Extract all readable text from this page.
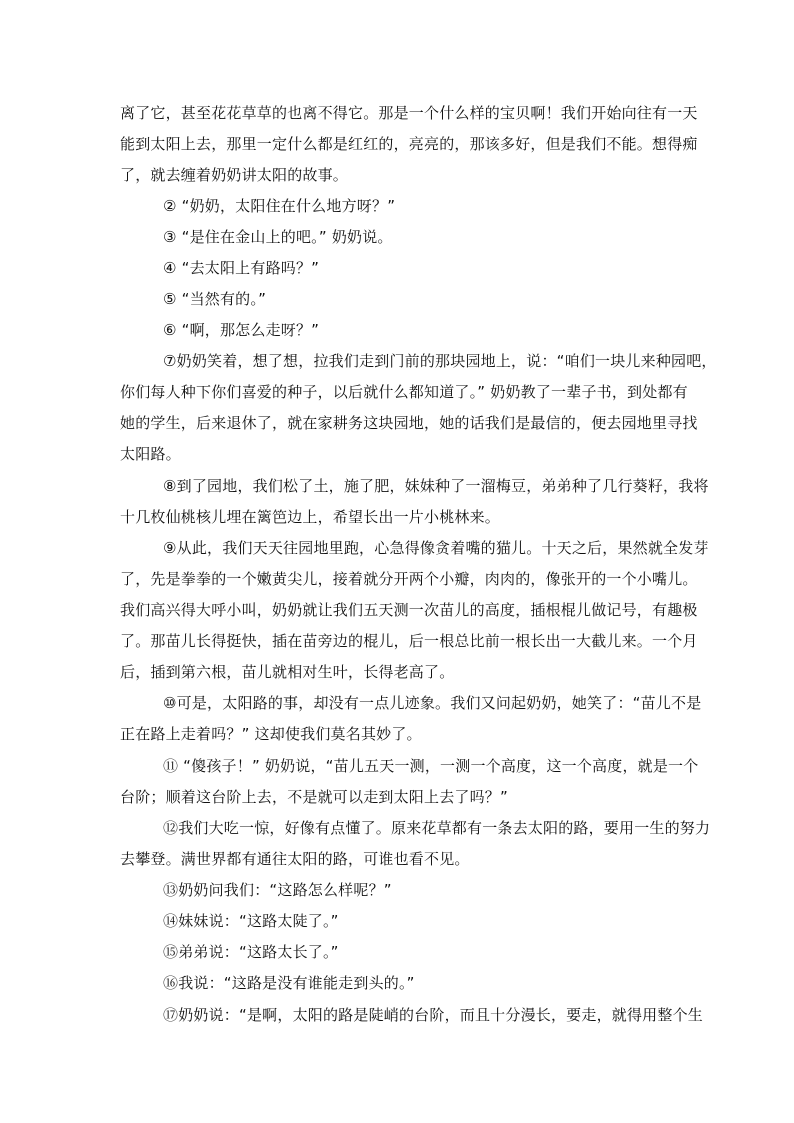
离了它，甚至花花草草的也离不得它。那是一个什么样的宝贝啊！我们开始向往有一天
能到太阳上去，那里一定什么都是红红的，亮亮的，那该多好，但是我们不能。想得痴
了，就去缠着奶奶讲太阳的故事。
② “奶奶，太阳住在什么地方呀？”
③ “是住在金山上的吧。” 奶奶说。
④ “去太阳上有路吗？”
⑤ “当然有的。”
⑥ “啊，那怎么走呀？”
⑦奶奶笑着，想了想，拉我们走到门前的那块园地上，说：“咱们一块儿来种园吧，
你们每人种下你们喜爱的种子，以后就什么都知道了。” 奶奶教了一辈子书，到处都有
她的学生，后来退休了，就在家耕务这块园地，她的话我们是最信的，便去园地里寻找
太阳路。
⑧到了园地，我们松了土，施了肥，妹妹种了一溜梅豆，弟弟种了几行葵籽，我将
十几枚仙桃核儿埋在篱笆边上，希望长出一片小桃林来。
⑨从此，我们天天往园地里跑，心急得像贪着嘴的猫儿。十天之后，果然就全发芽
了，先是拳拳的一个嫩黄尖儿，接着就分开两个小瓣，肉肉的，像张开的一个小嘴儿。
我们高兴得大呼小叫，奶奶就让我们五天测一次苗儿的高度，插根棍儿做记号，有趣极
了。那苗儿长得挺快，插在苗旁边的棍儿，后一根总比前一根长出一大截儿来。一个月
后，插到第六根，苗儿就相对生叶，长得老高了。
⑩可是，太阳路的事，却没有一点儿迹象。我们又问起奶奶，她笑了：“苗儿不是
正在路上走着吗？” 这却使我们莫名其妙了。
⑪ “傻孩子！” 奶奶说，“苗儿五天一测，一测一个高度，这一个高度，就是一个
台阶；顺着这台阶上去，不是就可以走到太阳上去了吗？”
⑫我们大吃一惊，好像有点懂了。原来花草都有一条去太阳的路，要用一生的努力
去攀登。满世界都有通往太阳的路，可谁也看不见。
⑬奶奶问我们：“这路怎么样呢？”
⑭妹妹说：“这路太陡了。”
⑮弟弟说：“这路太长了。”
⑯我说：“这路是没有谁能走到头的。”
⑰奶奶说：“是啊，太阳的路是陡峭的台阶，而且十分漫长，要走，就得用整个生
